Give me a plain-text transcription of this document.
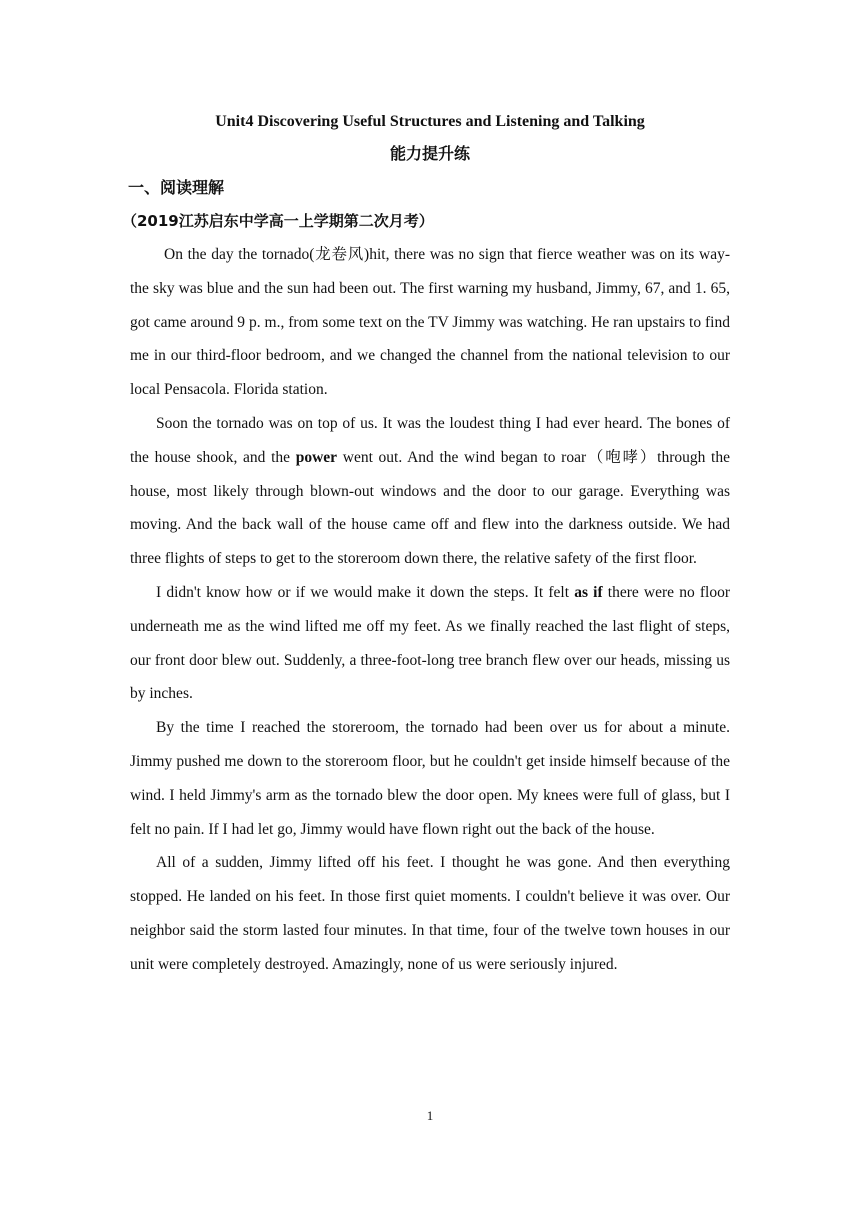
Unit4 Discovering Useful Structures and Listening and Talking
能力提升练
一、阅读理解
（2019江苏启东中学高一上学期第二次月考）

On the day the tornado(龙卷风)hit, there was no sign that fierce weather was on its way-the sky was blue and the sun had been out. The first warning my husband, Jimmy, 67, and 1. 65, got came around 9 p. m., from some text on the TV Jimmy was watching. He ran upstairs to find me in our third-floor bedroom, and we changed the channel from the national television to our local Pensacola. Florida station.

Soon the tornado was on top of us. It was the loudest thing I had ever heard. The bones of the house shook, and the power went out. And the wind began to roar（咆哮）through the house, most likely through blown-out windows and the door to our garage. Everything was moving. And the back wall of the house came off and flew into the darkness outside. We had three flights of steps to get to the storeroom down there, the relative safety of the first floor.

I didn't know how or if we would make it down the steps. It felt as if there were no floor underneath me as the wind lifted me off my feet. As we finally reached the last flight of steps, our front door blew out. Suddenly, a three-foot-long tree branch flew over our heads, missing us by inches.

By the time I reached the storeroom, the tornado had been over us for about a minute. Jimmy pushed me down to the storeroom floor, but he couldn't get inside himself because of the wind. I held Jimmy's arm as the tornado blew the door open. My knees were full of glass, but I felt no pain. If I had let go, Jimmy would have flown right out the back of the house.

All of a sudden, Jimmy lifted off his feet. I thought he was gone. And then everything stopped. He landed on his feet. In those first quiet moments. I couldn't believe it was over. Our neighbor said the storm lasted four minutes. In that time, four of the twelve town houses in our unit were completely destroyed. Amazingly, none of us were seriously injured.

1
